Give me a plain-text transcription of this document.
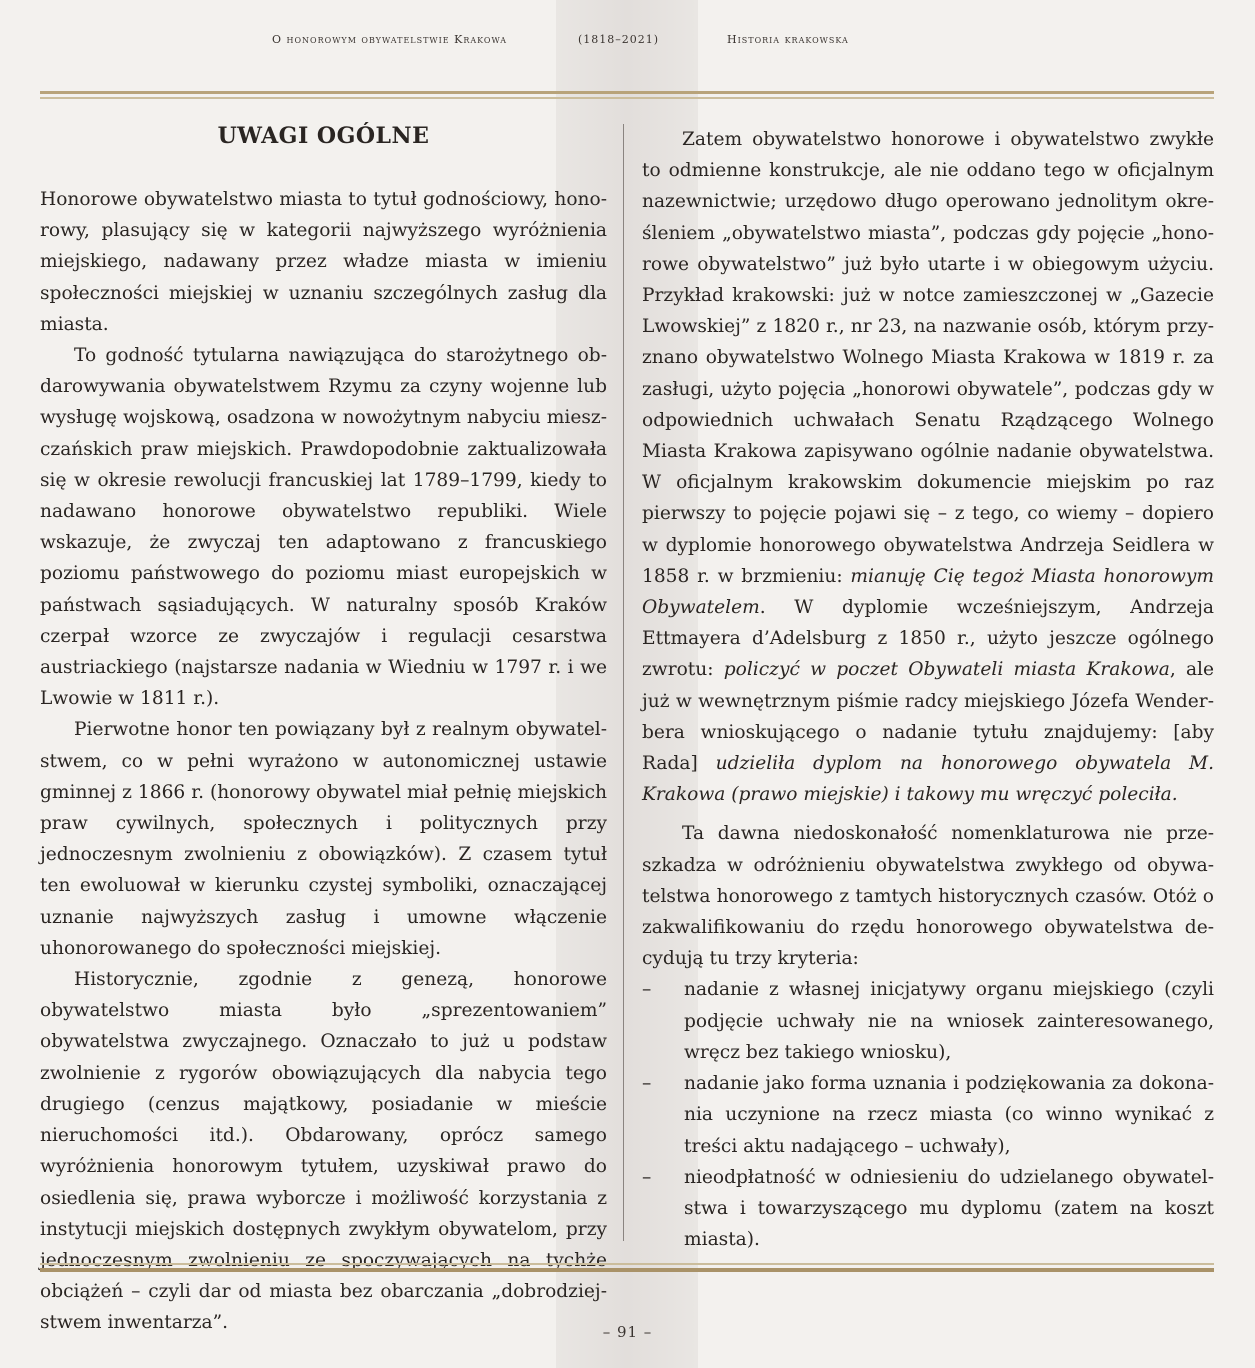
O honorowym obywatelstwie Krakowa	(1818–2021)	Historia krakowska
UWAGI OGÓLNE

Honorowe obywatelstwo miasta to tytuł godnościowy, honorowy, plasujący się w kategorii najwyższego wyróżnienia miejskiego, nadawany przez władze miasta w imieniu społeczności miejskiej w uznaniu szczególnych zasług dla miasta.

To godność tytularna nawiązująca do starożytnego obdarowywania obywatelstwem Rzymu za czyny wojenne lub wysługę wojskową, osadzona w nowożytnym nabyciu mieszczańskich praw miejskich. Prawdopodobnie zaktualizowała się w okresie rewolucji francuskiej lat 1789–1799, kiedy to nadawano honorowe obywatelstwo republiki. Wiele wskazuje, że zwyczaj ten adaptowano z francuskiego poziomu państwowego do poziomu miast europejskich w państwach sąsiadujących. W naturalny sposób Kraków czerpał wzorce ze zwyczajów i regulacji cesarstwa austriackiego (najstarsze nadania w Wiedniu w 1797 r. i we Lwowie w 1811 r.).

Pierwotne honor ten powiązany był z realnym obywatelstwem, co w pełni wyrażono w autonomicznej ustawie gminnej z 1866 r. (honorowy obywatel miał pełnię miejskich praw cywilnych, społecznych i politycznych przy jednoczesnym zwolnieniu z obowiązków). Z czasem tytuł ten ewoluował w kierunku czystej symboliki, oznaczającej uznanie najwyższych zasług i umowne włączenie uhonorowanego do społeczności miejskiej.

Historycznie, zgodnie z genezą, honorowe obywatelstwo miasta było „sprezentowaniem” obywatelstwa zwyczajnego. Oznaczało to już u podstaw zwolnienie z rygorów obowiązujących dla nabycia tego drugiego (cenzus majątkowy, posiadanie w mieście nieruchomości itd.). Obdarowany, oprócz samego wyróżnienia honorowym tytułem, uzyskiwał prawo do osiedlenia się, prawa wyborcze i możliwość korzystania z instytucji miejskich dostępnych zwykłym obywatelom, przy jednoczesnym zwolnieniu ze spoczywających na tychże obciążeń – czyli dar od miasta bez obarczania „dobrodziejstwem inwentarza”.

Zatem obywatelstwo honorowe i obywatelstwo zwykłe to odmienne konstrukcje, ale nie oddano tego w oficjalnym nazewnictwie; urzędowo długo operowano jednolitym określeniem „obywatelstwo miasta”, podczas gdy pojęcie „honorowe obywatelstwo” już było utarte i w obiegowym użyciu. Przykład krakowski: już w notce zamieszczonej w „Gazecie Lwowskiej” z 1820 r., nr 23, na nazwanie osób, którym przyznano obywatelstwo Wolnego Miasta Krakowa w 1819 r. za zasługi, użyto pojęcia „honorowi obywatele”, podczas gdy w odpowiednich uchwałach Senatu Rządzącego Wolnego Miasta Krakowa zapisywano ogólnie nadanie obywatelstwa. W oficjalnym krakowskim dokumencie miejskim po raz pierwszy to pojęcie pojawi się – z tego, co wiemy – dopiero w dyplomie honorowego obywatelstwa Andrzeja Seidlera w 1858 r. w brzmieniu: mianuję Cię tegoż Miasta honorowym Obywatelem. W dyplomie wcześniejszym, Andrzeja Ettmayera d’Adelsburg z 1850 r., użyto jeszcze ogólnego zwrotu: policzyć w poczet Obywateli miasta Krakowa, ale już w wewnętrznym piśmie radcy miejskiego Józefa Wenderbera wnioskującego o nadanie tytułu znajdujemy: [aby Rada] udzieliła dyplom na honorowego obywatela M. Krakowa (prawo miejskie) i takowy mu wręczyć poleciła.

Ta dawna niedoskonałość nomenklaturowa nie przeszkadza w odróżnieniu obywatelstwa zwykłego od obywatelstwa honorowego z tamtych historycznych czasów. Otóż o zakwalifikowaniu do rzędu honorowego obywatelstwa decydują tu trzy kryteria:

– nadanie z własnej inicjatywy organu miejskiego (czyli podjęcie uchwały nie na wniosek zainteresowanego, wręcz bez takiego wniosku),
– nadanie jako forma uznania i podziękowania za dokonania uczynione na rzecz miasta (co winno wynikać z treści aktu nadającego – uchwały),
– nieodpłatność w odniesieniu do udzielanego obywatelstwa i towarzyszącego mu dyplomu (zatem na koszt miasta).
– 91 –
